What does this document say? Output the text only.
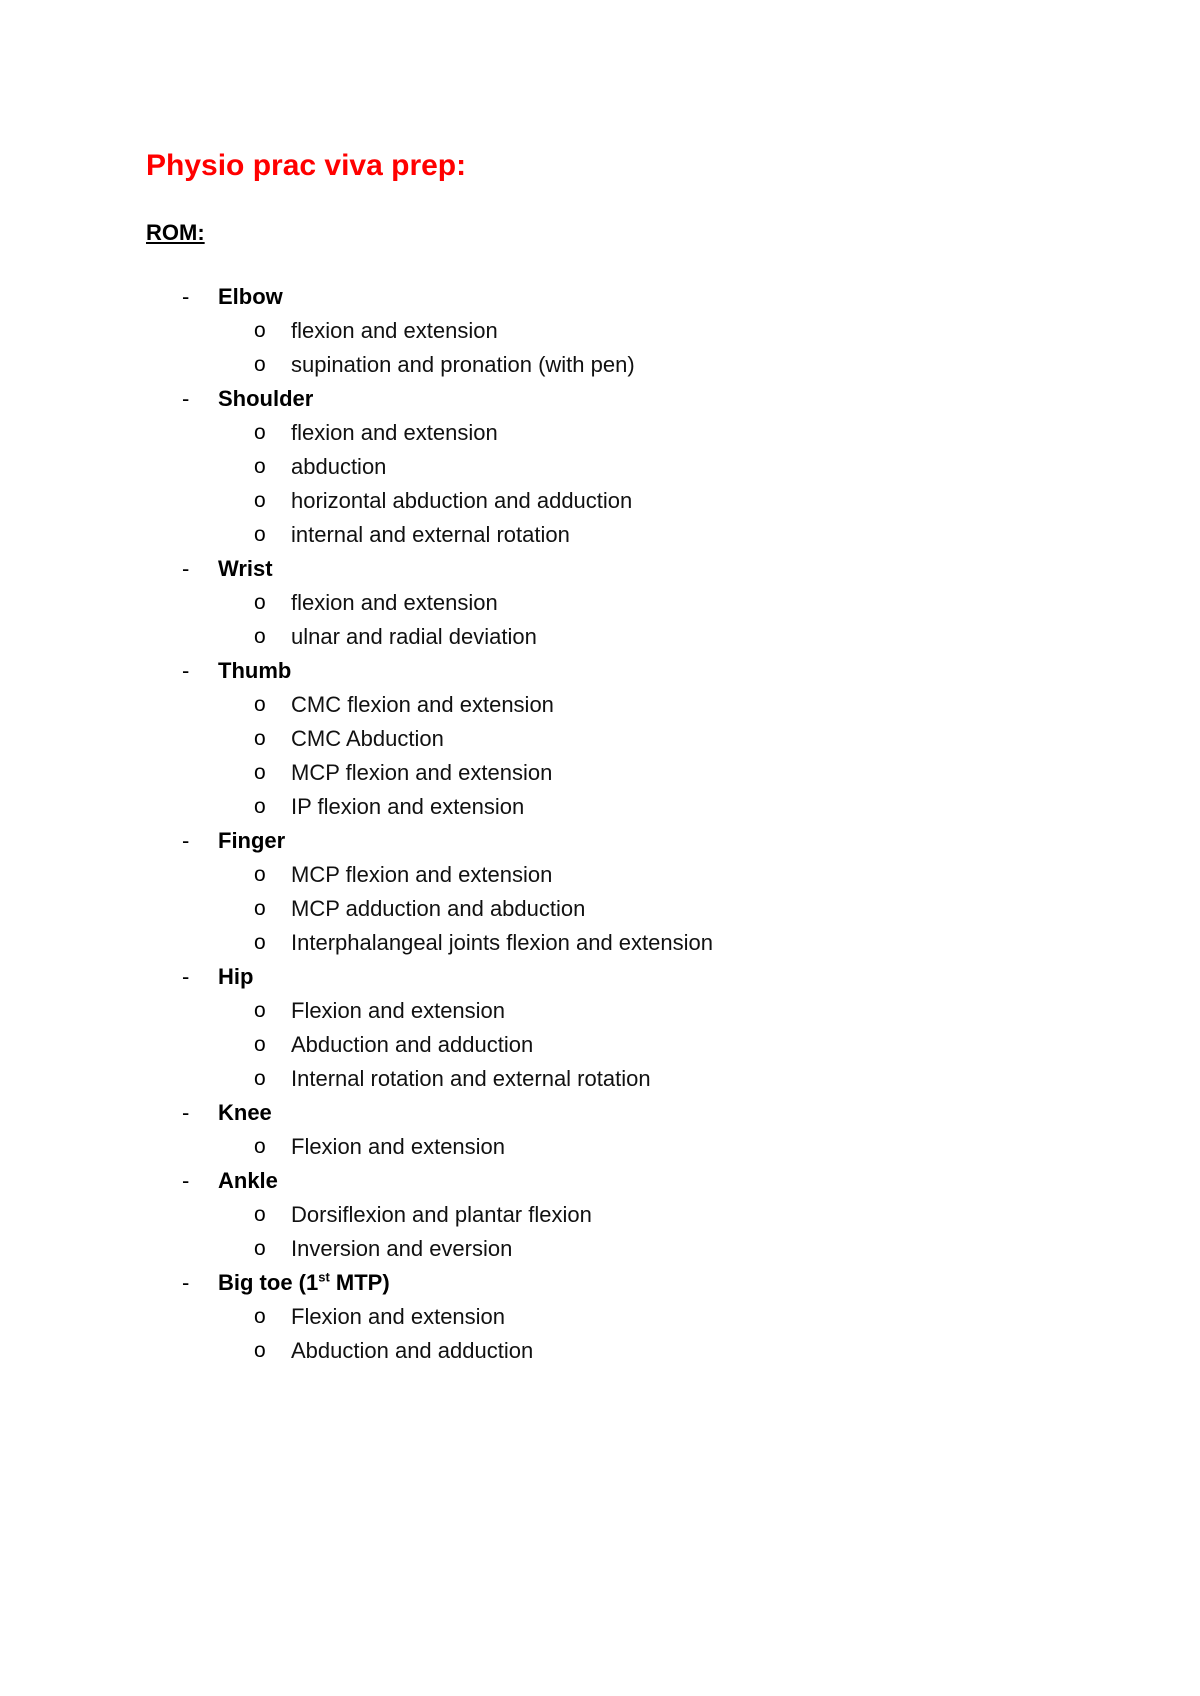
Physio prac viva prep:
ROM:
-	Elbow
o flexion and extension
o supination and pronation (with pen)
-	Shoulder
o flexion and extension
o abduction
o horizontal abduction and adduction
o internal and external rotation
-	Wrist
o flexion and extension
o ulnar and radial deviation
-	Thumb
o CMC flexion and extension
o CMC Abduction
o MCP flexion and extension
o IP flexion and extension
-	Finger
o MCP flexion and extension
o MCP adduction and abduction
o Interphalangeal joints flexion and extension
-	Hip
o Flexion and extension
o Abduction and adduction
o Internal rotation and external rotation
-	Knee
o Flexion and extension
-	Ankle
o Dorsiflexion and plantar flexion
o Inversion and eversion
-	Big toe (1st MTP)
o Flexion and extension
o Abduction and adduction
